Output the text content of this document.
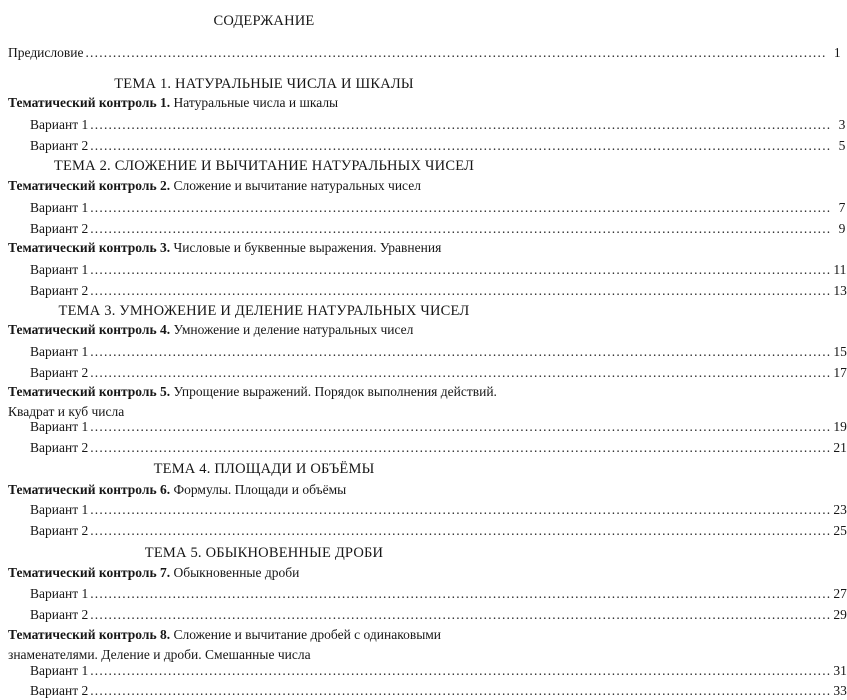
СОДЕРЖАНИЕ
Предисловие .................................................................................................................................................................. 1
ТЕМА 1. НАТУРАЛЬНЫЕ ЧИСЛА И ШКАЛЫ
Тематический контроль 1. Натуральные числа и шкалы
Вариант 1 .................................................................................................................................................................. 3
Вариант 2 .................................................................................................................................................................. 5
ТЕМА 2. СЛОЖЕНИЕ И ВЫЧИТАНИЕ НАТУРАЛЬНЫХ ЧИСЕЛ
Тематический контроль 2. Сложение и вычитание натуральных чисел
Вариант 1 .................................................................................................................................................................. 7
Вариант 2 .................................................................................................................................................................. 9
Тематический контроль 3. Числовые и буквенные выражения. Уравнения
Вариант 1 .................................................................................................................................................................. 11
Вариант 2 .................................................................................................................................................................. 13
ТЕМА 3. УМНОЖЕНИЕ И ДЕЛЕНИЕ НАТУРАЛЬНЫХ ЧИСЕЛ
Тематический контроль 4. Умножение и деление натуральных чисел
Вариант 1 .................................................................................................................................................................. 15
Вариант 2 .................................................................................................................................................................. 17
Тематический контроль 5. Упрощение выражений. Порядок выполнения действий. Квадрат и куб числа
Вариант 1 .................................................................................................................................................................. 19
Вариант 2 .................................................................................................................................................................. 21
ТЕМА 4. ПЛОЩАДИ И ОБЪЁМЫ
Тематический контроль 6. Формулы. Площади и объёмы
Вариант 1 .................................................................................................................................................................. 23
Вариант 2 .................................................................................................................................................................. 25
ТЕМА 5. ОБЫКНОВЕННЫЕ ДРОБИ
Тематический контроль 7. Обыкновенные дроби
Вариант 1 .................................................................................................................................................................. 27
Вариант 2 .................................................................................................................................................................. 29
Тематический контроль 8. Сложение и вычитание дробей с одинаковыми знаменателями. Деление и дроби. Смешанные числа
Вариант 1 .................................................................................................................................................................. 31
Вариант 2 .................................................................................................................................................................. 33
